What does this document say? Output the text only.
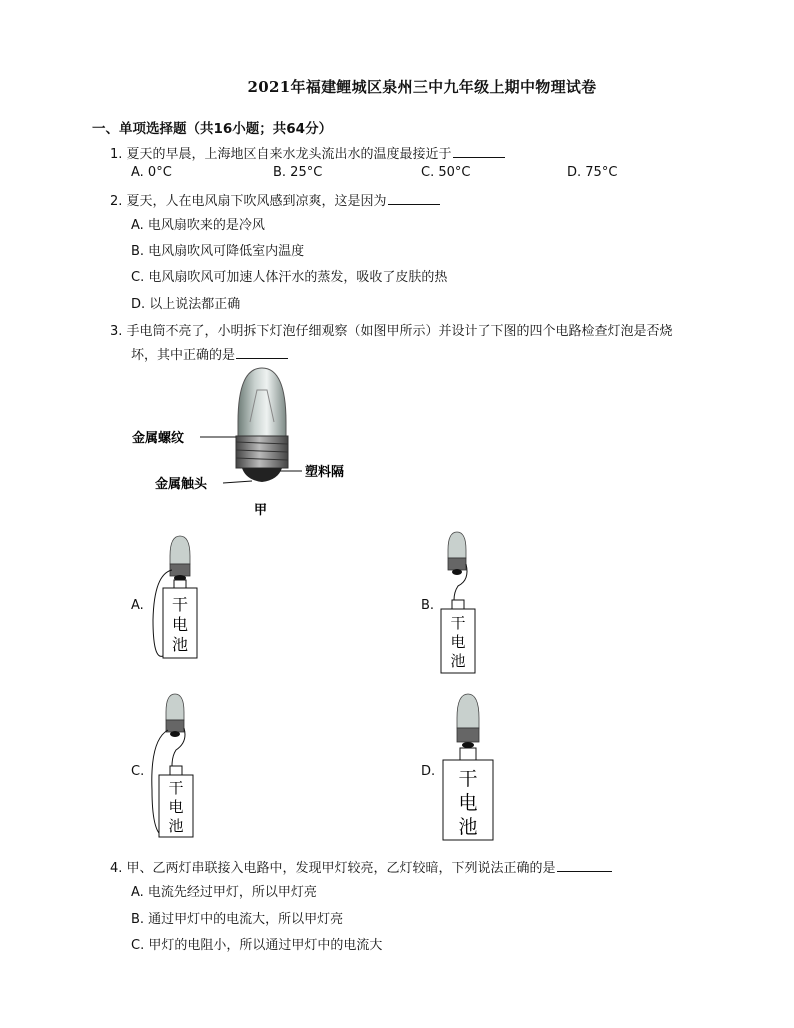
2021年福建鲤城区泉州三中九年级上期中物理试卷
一、单项选择题（共16小题；共64分）
1. 夏天的早晨，上海地区自来水龙头流出水的温度最接近于
A. 0°C	B. 25°C	C. 50°C	D. 75°C
2. 夏天，人在电风扇下吹风感到凉爽，这是因为
A. 电风扇吹来的是冷风
B. 电风扇吹风可降低室内温度
C. 电风扇吹风可加速人体汗水的蒸发，吸收了皮肤的热
D. 以上说法都正确
3. 手电筒不亮了，小明拆下灯泡仔细观察（如图甲所示）并设计了下图的四个电路检查灯泡是否烧
坏，其中正确的是
金属螺纹
金属触头
塑料隔
甲
A. 干
电
池
B.
干
电
池
C.
干
电
池
D. 干
电
池
4. 甲、乙两灯串联接入电路中，发现甲灯较亮，乙灯较暗，下列说法正确的是
A. 电流先经过甲灯，所以甲灯亮
B. 通过甲灯中的电流大，所以甲灯亮
C. 甲灯的电阻小，所以通过甲灯中的电流大
